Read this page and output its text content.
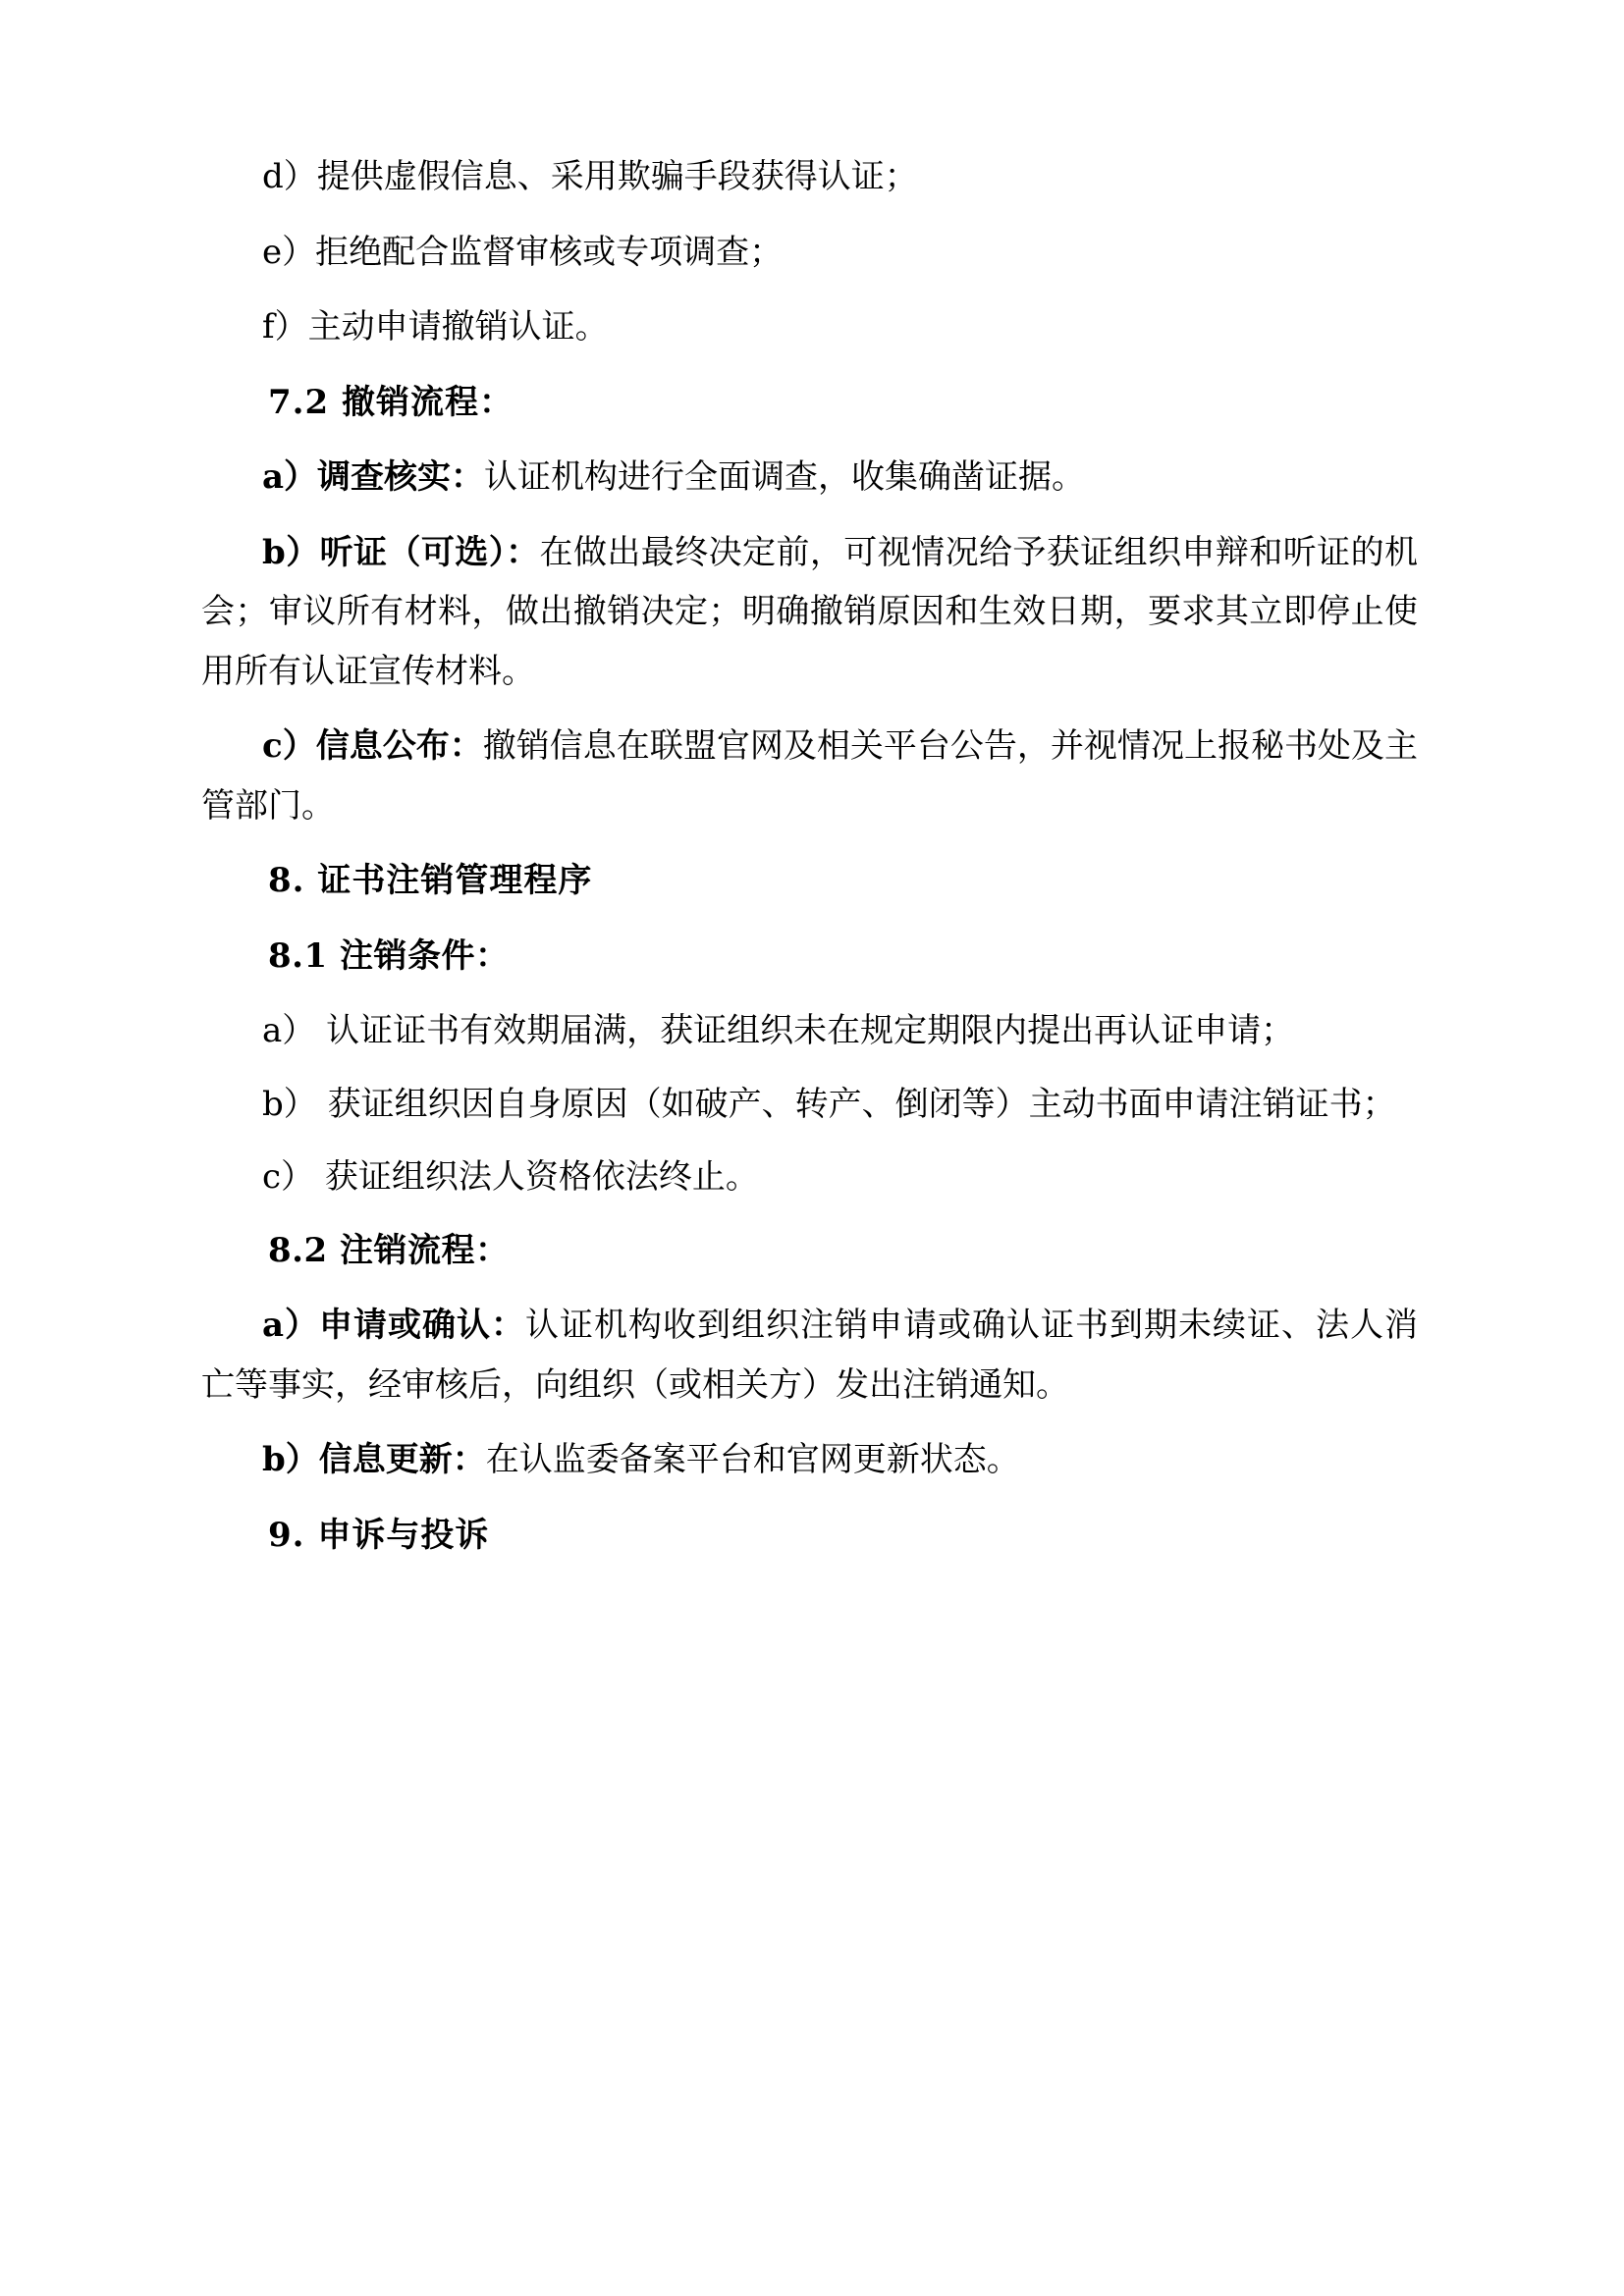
d）提供虚假信息、采用欺骗手段获得认证；

e）拒绝配合监督审核或专项调查；

f）主动申请撤销认证。

7.2 撤销流程：

a）调查核实：认证机构进行全面调查，收集确凿证据。

b）听证（可选）：在做出最终决定前，可视情况给予获证组织申辩和听证的机会；审议所有材料，做出撤销决定；明确撤销原因和生效日期，要求其立即停止使用所有认证宣传材料。

c）信息公布：撤销信息在联盟官网及相关平台公告，并视情况上报秘书处及主管部门。

8. 证书注销管理程序

8.1 注销条件：

a） 认证证书有效期届满，获证组织未在规定期限内提出再认证申请；

b） 获证组织因自身原因（如破产、转产、倒闭等）主动书面申请注销证书；

c） 获证组织法人资格依法终止。

8.2 注销流程：

a）申请或确认：认证机构收到组织注销申请或确认证书到期未续证、法人消亡等事实，经审核后，向组织（或相关方）发出注销通知。

b）信息更新：在认监委备案平台和官网更新状态。

9. 申诉与投诉
